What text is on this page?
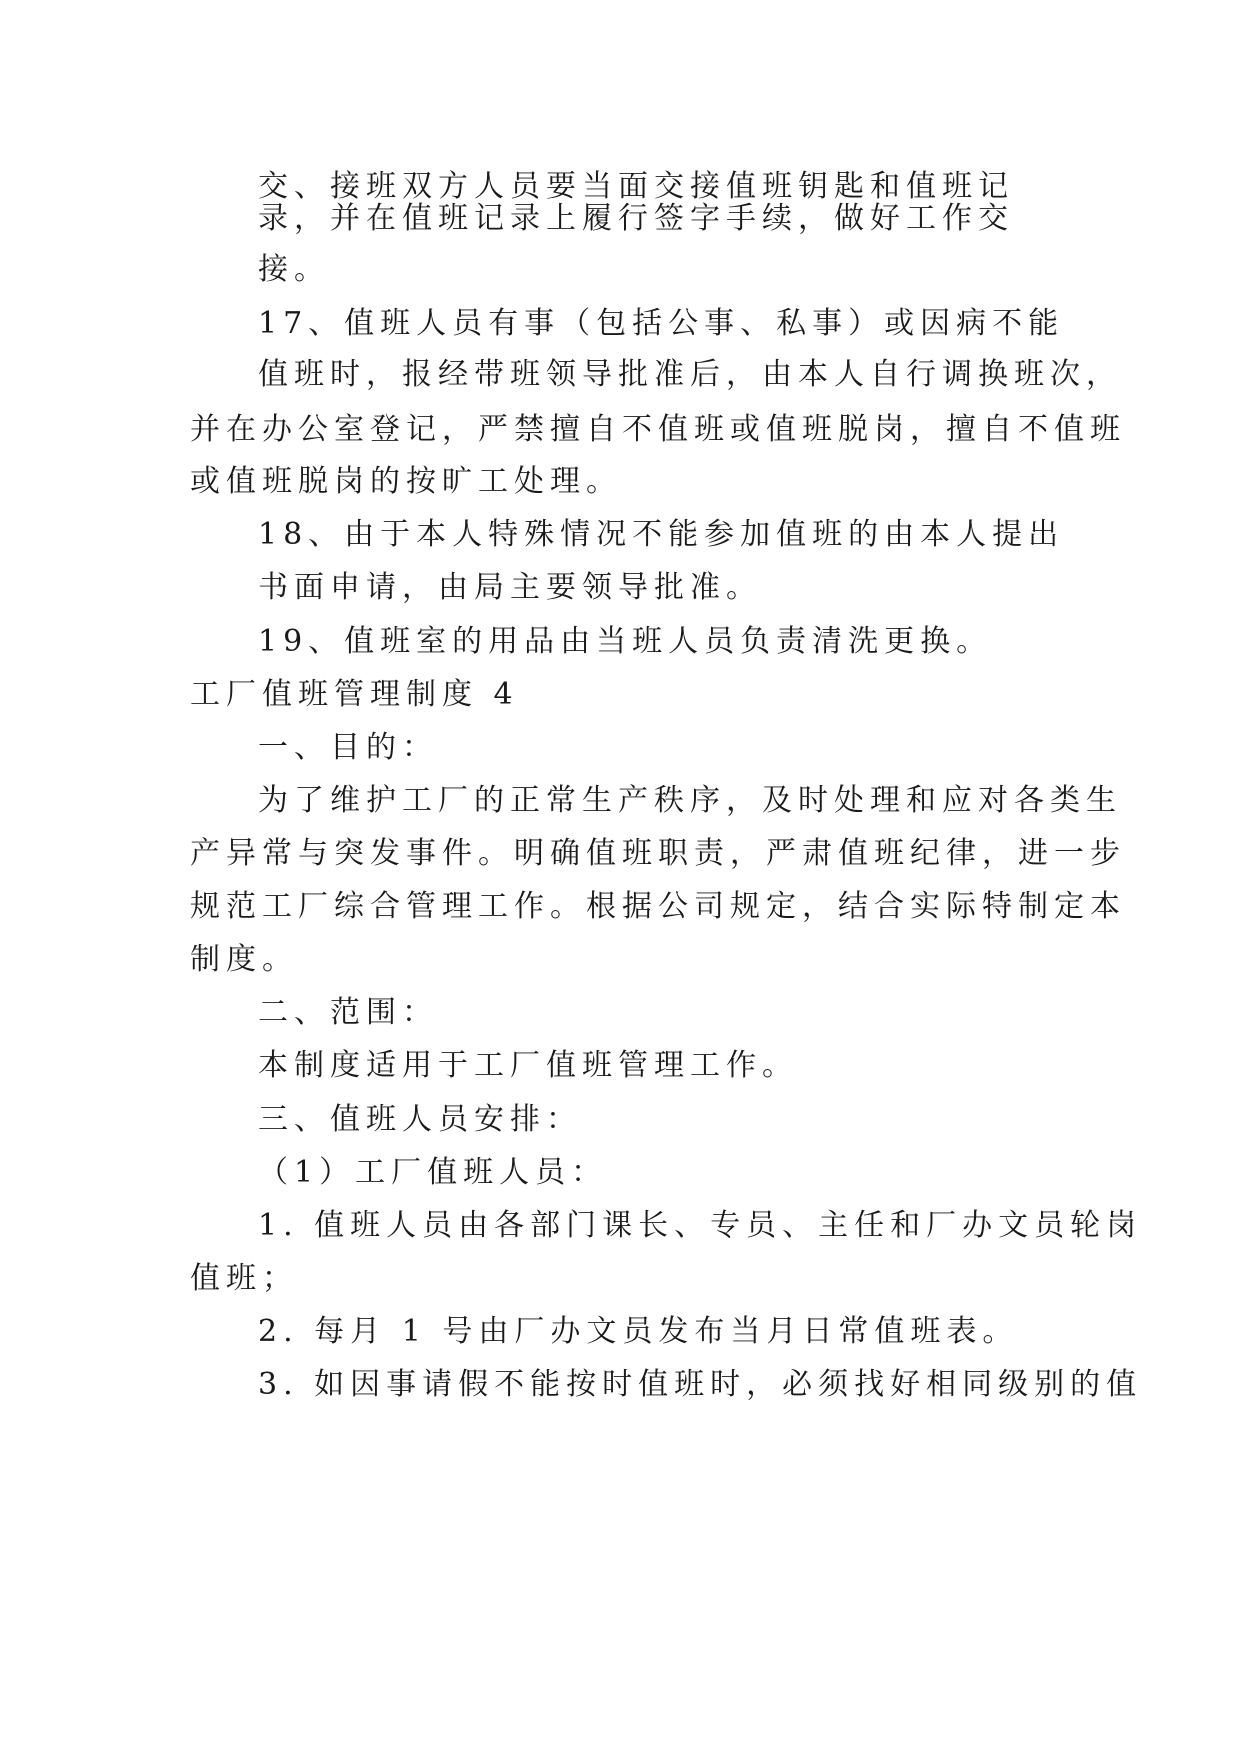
交、接班双方人员要当面交接值班钥匙和值班记
录，并在值班记录上履行签字手续，做好工作交
接。
17、值班人员有事（包括公事、私事）或因病不能
值班时，报经带班领导批准后，由本人自行调换班次，
并在办公室登记，严禁擅自不值班或值班脱岗，擅自不值班
或值班脱岗的按旷工处理。
18、由于本人特殊情况不能参加值班的由本人提出
书面申请，由局主要领导批准。
19、值班室的用品由当班人员负责清洗更换。
工厂值班管理制度 4
一、目的：
为了维护工厂的正常生产秩序，及时处理和应对各类生
产异常与突发事件。明确值班职责，严肃值班纪律，进一步
规范工厂综合管理工作。根据公司规定，结合实际特制定本
制度。
二、范围：
本制度适用于工厂值班管理工作。
三、值班人员安排：
（1）工厂值班人员：
1. 值班人员由各部门课长、专员、主任和厂办文员轮岗
值班；
2. 每月 1 号由厂办文员发布当月日常值班表。
3. 如因事请假不能按时值班时，必须找好相同级别的值
